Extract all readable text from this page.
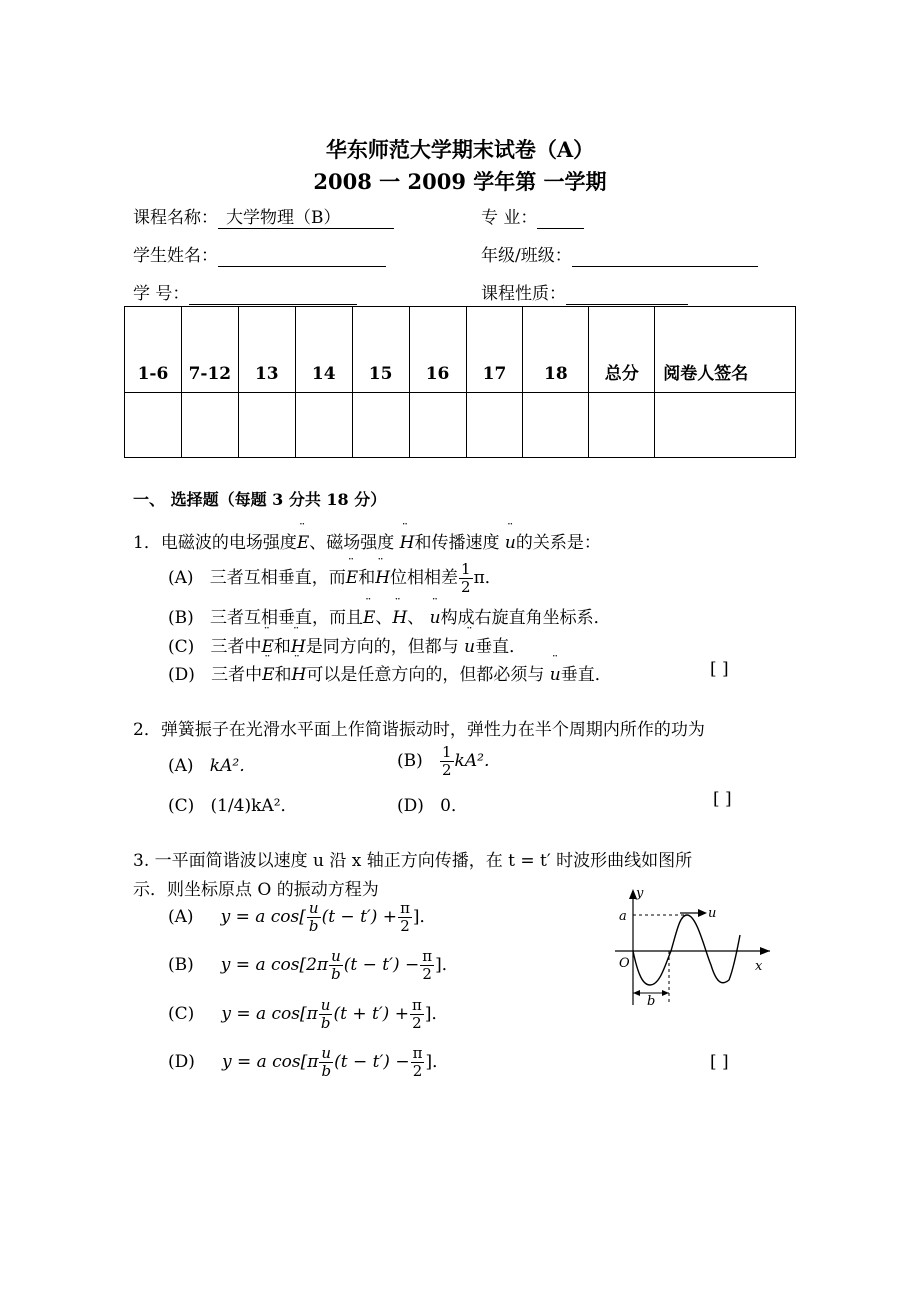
华东师范大学期末试卷（A）
2008 一 2009 学年第 一学期
课程名称： 大学物理（B）	专 业：
学生姓名：	年级/班级：
学 号：	课程性质：
1-6	7-12	13	14	15	16	17	18	总分	阅卷人签名

一、 选择题（每题 3 分共 18 分）
1．电磁波的电场强度¨ E、磁场强度 ¨ H和传播速度 ¨ u的关系是：
(A) 三者互相垂直，而¨ E和¨ H位相相差 $\frac{1}{2}$ π．
(B) 三者互相垂直，而且¨ E、¨ H、 ¨ u构成右旋直角坐标系．
(C) 三者中¨ E和¨ H是同方向的，但都与 ¨ u垂直．
(D) 三者中¨ E和¨ H可以是任意方向的，但都必须与 ¨ u垂直．	[ ]
2．弹簧振子在光滑水平面上作简谐振动时，弹性力在半个周期内所作的功为
(A) kA²．	$(B) \frac{1}{2} kA^2$．
(C) (1/4)kA²．	(D) 0．	[ ]
3. 一平面简谐波以速度 u 沿 x 轴正方向传播，在 t = t′ 时波形曲线如图所
示．则坐标原点 O 的振动方程为
(A) y = a $\cos[ \frac{u}{b} (t - t') + \frac{\pi}{2}$ ]．
(B) y = a $\cos[2\pi \frac{u}{b} (t - t') - \frac{\pi}{2}$ ]．
(C) y = a $\cos[\pi \frac{u}{b} (t + t') + \frac{\pi}{2}$ ]．
(D) y = a $\cos[\pi \frac{u}{b} (t - t') - \frac{\pi}{2}$ ]．	[ ]
y
a	u
O	x
b
